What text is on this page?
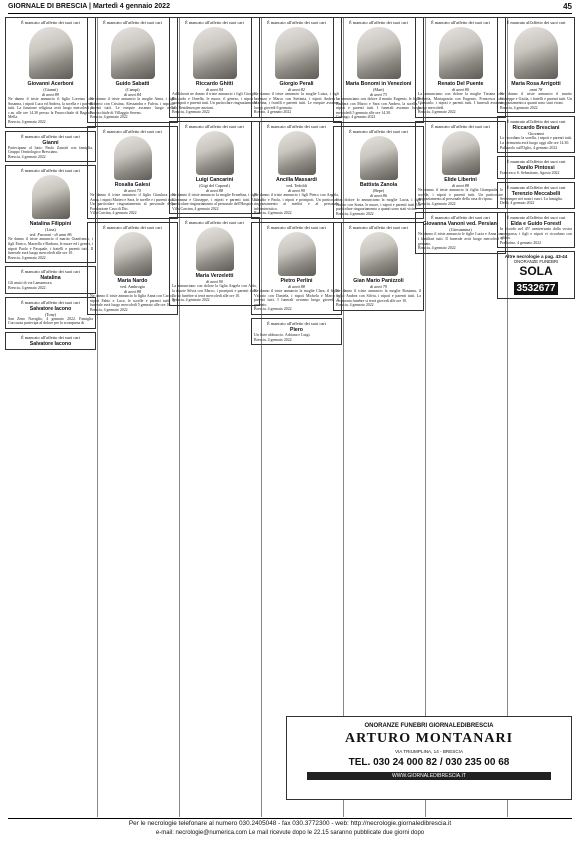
GIORNALE DI BRESCIA | Martedì 4 gennaio 2022	45
È mancato all'affetto dei suoi cari
Giovanni Acerboni
(Gianni)
di anni 89
Ne danno il triste annuncio il figlio Lorenzo con Susanna, i nipoti Luca ed Andrea, la sorella e i parenti tutti. La funzione religiosa avrà luogo mercoledì 5 c.m. alle ore 14.30 presso la Parrocchiale di Bagnolo Mella.
Brescia, 4 gennaio 2022
È mancato all'affetto dei suoi cari
Gianni
Partecipano al lutto: Paolo Zanotti con famiglia, Gruppo Ornitologico Bresciano.
Brescia, 4 gennaio 2022
È mancato all'affetto dei suoi cari
Natalina Filippini
(Lina)
ved. Faraoni - di anni 86
Ne danno il triste annuncio il marito Gianfranco, i figli Enrico, Marzella e Barbara, le nuore ed i generi, i nipoti Paolo e Pasquale, i fratelli e parenti tutti. Il funerale avrà luogo mercoledì alle ore 10.
Brescia, 4 gennaio 2022
È mancato all'affetto dei suoi cari
Natalina
Gli amici di via Lamarmora.
Brescia, 4 gennaio 2022
È mancato all'affetto dei suoi cari
Salvatore Iacono
(Tony)
San Zeno Naviglio, 4 gennaio 2022. Famiglia Cuccuzza partecipa al dolore per la scomparsa di
È mancato all'affetto dei suoi cari
Salvatore Iacono
È mancato all'affetto dei suoi cari
Guido Sabatti
(Campi)
di anni 84
Ne danno il triste annuncio la moglie Anna, i figli Roberto con Cristina, Alessandra e Fulvia, i nipoti e parenti tutti. Le esequie avranno luogo nella Parrocchiale di Villaggio Sereno.
Brescia, 4 gennaio 2022
È mancato all'affetto dei suoi cari
Rosalia Galesi
di anni 75
Ne danno il triste annuncio il figlio Gianluca con Anna, i nipoti Matteo e Sara, le sorelle e i parenti tutti. Un particolare ringraziamento al personale della Fondazione Casa di Dio.
Villa Carcina, 4 gennaio 2022
È mancato all'affetto dei suoi cari
Maria Nardo
ved. Ambrogio
di anni 88
Ne danno il triste annuncio la figlia Anna con Carlo, i nipoti Fabio e Luca, le sorelle e parenti tutti. Il funerale avrà luogo mercoledì 5 gennaio alle ore 10.
Brescia, 4 gennaio 2022
È mancato all'affetto dei suoi cari
Riccardo Ghitti
di anni 94
Addolorati ne danno il triste annuncio i figli Giorgio, Riccardo e Ornella, le nuore, il genero, i nipoti e pronipoti e parenti tutti. Un particolare ringraziamento alla Residenza per anziani.
Brescia, 4 gennaio 2022
È mancato all'affetto dei suoi cari
Luigi Cancarini
(Gigi del Caporal)
di anni 88
Ne danno il triste annuncio la moglie Ermelina, i figli Giovanna e Giuseppe, i nipoti e parenti tutti. Un particolare ringraziamento al personale dell'Hospice.
Villa Carcina, 4 gennaio 2022
È mancato all'affetto dei suoi cari
Maria Verzeletti
di anni 90
La annunciano con dolore la figlia Angela con Aldo, la nipote Silvia con Marco, i pronipoti e parenti tutti. Il rito funebre si terrà mercoledì alle ore 10.
Brescia, 4 gennaio 2022
È mancato all'affetto dei suoi cari
Giorgio Perali
di anni 82
Ne danno il triste annuncio la moglie Luisa, i figli Lorenzo e Marco con Stefania, i nipoti Andrea e Martina, i fratelli e parenti tutti. Le esequie avranno luogo giovedì 6 gennaio.
Rovato, 4 gennaio 2022
È mancato all'affetto dei suoi cari
Ancilla Massardi
ved. Tedoldi
di anni 90
Ne danno il triste annuncio i figli Pietro con Angela, Claudio e Paola, i nipoti e pronipoti. Un particolare ringraziamento ai medici e al personale infermieristico.
Brescia, 4 gennaio 2022
È mancato all'affetto dei suoi cari
Pietro Perlini
di anni 88
Ne danno il triste annuncio la moglie Clara, il figlio Vittorio con Daniela, i nipoti Michela e Marco e parenti tutti. I funerali avranno luogo giovedì 6 gennaio.
Brescia, 4 gennaio 2022
È mancato all'affetto dei suoi cari
Piero
Un forte abbraccio. Adriana e Luigi.
Brescia, 4 gennaio 2022
È mancato all'affetto dei suoi cari
Maria Bonomi in Venezioni
(Mari)
di anni 73
La annunciano con dolore il marito Eugenio, le figlie Barbara con Marco e Sara con Andrea, la sorella, i nipoti e parenti tutti. I funerali avranno luogo mercoledì 5 gennaio alle ore 14.30.
Gussago, 4 gennaio 2022
È mancato all'affetto dei suoi cari
Battista Zanola
(Bepe)
di anni 86
Con dolore lo annunciano la moglie Lucia, i figli Enrico con Sonia, le nuore, i nipoti e parenti tutti. Un particolare ringraziamento a quanti sono stati vicini.
Brescia, 4 gennaio 2022
È mancato all'affetto dei suoi cari
Gian Mario Panizzoli
di anni 79
Ne danno il triste annuncio la moglie Rosanna, il figlio Andrea con Silvia, i nipoti e parenti tutti. La cerimonia funebre si terrà giovedì alle ore 10.
Brescia, 4 gennaio 2022
È mancato all'affetto dei suoi cari
Renato Del Puente
di anni 80
La annunciano con dolore la moglie Tiziana con Roberta, Mariagrazia con Eugenio, Francesca con Giancarlo, i nipoti e parenti tutti. I funerali avranno luogo mercoledì.
Brescia, 4 gennaio 2022
È mancato all'affetto dei suoi cari
Elide Liberini
di anni 88
Ne danno il triste annuncio la figlia Giampaola, le sorelle, i nipoti e parenti tutti. Un particolare ringraziamento al personale della casa di riposo.
Brescia, 4 gennaio 2022
È mancato all'affetto dei suoi cari
Giovanna Vanoni ved. Persiani
(Giovannina)
Ne danno il triste annuncio le figlie Lucia e Anna con i familiari tutti. Il funerale avrà luogo mercoledì 5 gennaio.
Brescia, 4 gennaio 2022
È mancato all'affetto dei suoi cari
Maria Rosa Arrigotti
anni 78
Ne danno il triste annuncio il marito Giuseppe e Giulia, i fratelli e parenti tutti. Un ringraziamento a quanti sono stati vicini.
Brescia, 4 gennaio 2022
È mancato all'affetto dei suoi cari
Riccardo Bresciani
Giovanni
Lo ricordano la sorella, i nipoti e parenti tutti. La cerimonia avrà luogo oggi alle ore 14.30.
Palazzolo sull'Oglio, 4 gennaio 2022
È mancato all'affetto dei suoi cari
Danilo Pintossi
Francesco S. Sebastiano, Agosto 2022
È mancato all'affetto dei suoi cari
Terenzio Meccabelli
Sei sempre nei nostri cuori. La famiglia.
Delle, 4 gennaio 2022
È mancato all'affetto dei suoi cari
Elda e Guido Forestl
In ricordo nel 45° anniversario dalla vostra scomparsa, i figli e nipoti vi ricordano con affetto.
Pralboino, 4 gennaio 2022
Altre necrologie a pag. 43-44
ONORANZE FUNEBRI
SOLA
3532677
ONORANZE FUNEBRI GIORNALEDIBRESCIA
ARTURO MONTANARI
VIA TRIUMPLINA, 14 - BRESCIA
TEL. 030 24 000 82 / 030 235 00 68
WWW.GIORNALEDIBRESCIA.IT
Per le necrologie telefonare al numero 030.2405048 - fax 030.3772300 - web: http://necrologie.giornaledibrescia.it
e-mail: necrologie@numerica.com Le mail ricevute dopo le 22.15 saranno pubblicate due giorni dopo
